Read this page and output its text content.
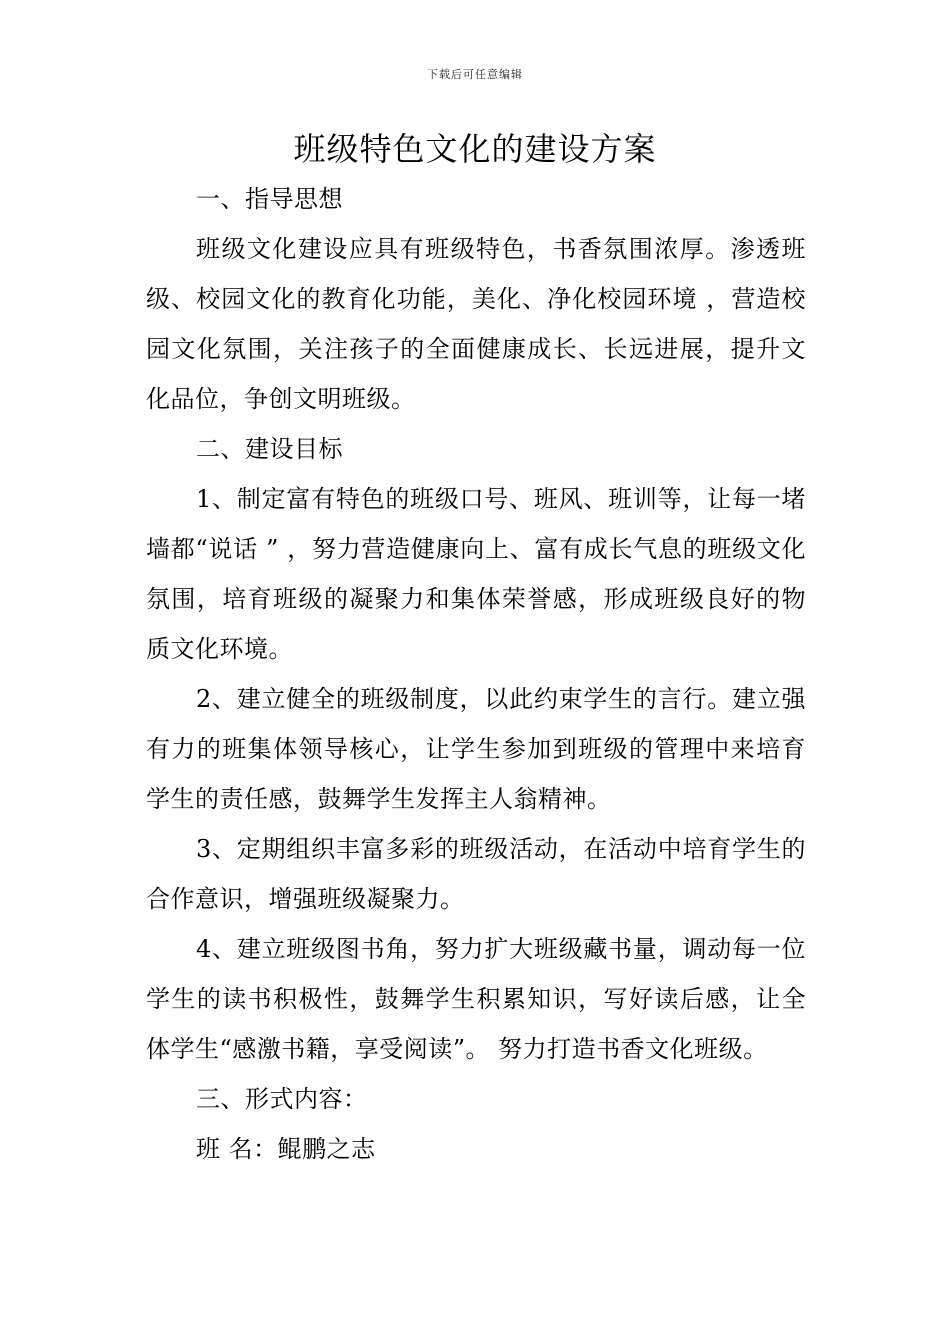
下载后可任意编辑
班级特色文化的建设方案

一、指导思想

班级文化建设应具有班级特色，书香氛围浓厚。渗透班级、校园文化的教育化功能，美化、净化校园环境 ，营造校园文化氛围，关注孩子的全面健康成长、长远进展，提升文化品位，争创文明班级。

二、建设目标

1、制定富有特色的班级口号、班风、班训等，让每一堵墙都“说话 ” ，努力营造健康向上、富有成长气息的班级文化氛围，培育班级的凝聚力和集体荣誉感，形成班级良好的物质文化环境。

2、建立健全的班级制度，以此约束学生的言行。建立强有力的班集体领导核心，让学生参加到班级的管理中来培育学生的责任感，鼓舞学生发挥主人翁精神。

3、定期组织丰富多彩的班级活动，在活动中培育学生的合作意识，增强班级凝聚力。

4、建立班级图书角，努力扩大班级藏书量，调动每一位学生的读书积极性，鼓舞学生积累知识，写好读后感，让全体学生“感激书籍，享受阅读”。 努力打造书香文化班级。

三、形式内容：

班 名：鲲鹏之志
